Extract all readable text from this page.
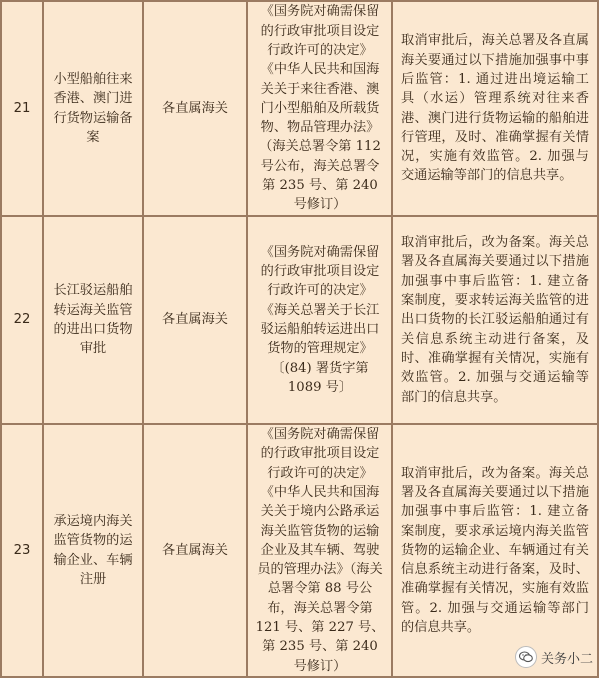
21	小型船舶往来香港、澳门进行货物运输备案	各直属海关	《国务院对确需保留的行政审批项目设定行政许可的决定》
《中华人民共和国海关关于来往香港、澳门小型船舶及所载货物、物品管理办法》（海关总署令第 112 号公布，海关总署令第 235 号、第 240 号修订）	取消审批后，海关总署及各直属海关要通过以下措施加强事中事后监管：1. 通过进出境运输工具（水运）管理系统对往来香港、澳门进行货物运输的船舶进行管理，及时、准确掌握有关情况，实施有效监管。2. 加强与交通运输等部门的信息共享。

22	长江驳运船舶转运海关监管的进出口货物审批	各直属海关	《国务院对确需保留的行政审批项目设定行政许可的决定》
《海关总署关于长江驳运船舶转运进出口货物的管理规定》〔(84) 署货字第 1089 号〕	取消审批后，改为备案。海关总署及各直属海关要通过以下措施加强事中事后监管：1. 建立备案制度，要求转运海关监管的进出口货物的长江驳运船舶通过有关信息系统主动进行备案，及时、准确掌握有关情况，实施有效监管。2. 加强与交通运输等部门的信息共享。

23	承运境内海关监管货物的运输企业、车辆注册	各直属海关	《国务院对确需保留的行政审批项目设定行政许可的决定》
《中华人民共和国海关关于境内公路承运海关监管货物的运输企业及其车辆、驾驶员的管理办法》（海关总署令第 88 号公布，海关总署令第 121 号、第 227 号、第 235 号、第 240 号修订）	取消审批后，改为备案。海关总署及各直属海关要通过以下措施加强事中事后监管：1. 建立备案制度，要求承运境内海关监管货物的运输企业、车辆通过有关信息系统主动进行备案，及时、准确掌握有关情况，实施有效监管。2. 加强与交通运输等部门的信息共享。
关务小二
